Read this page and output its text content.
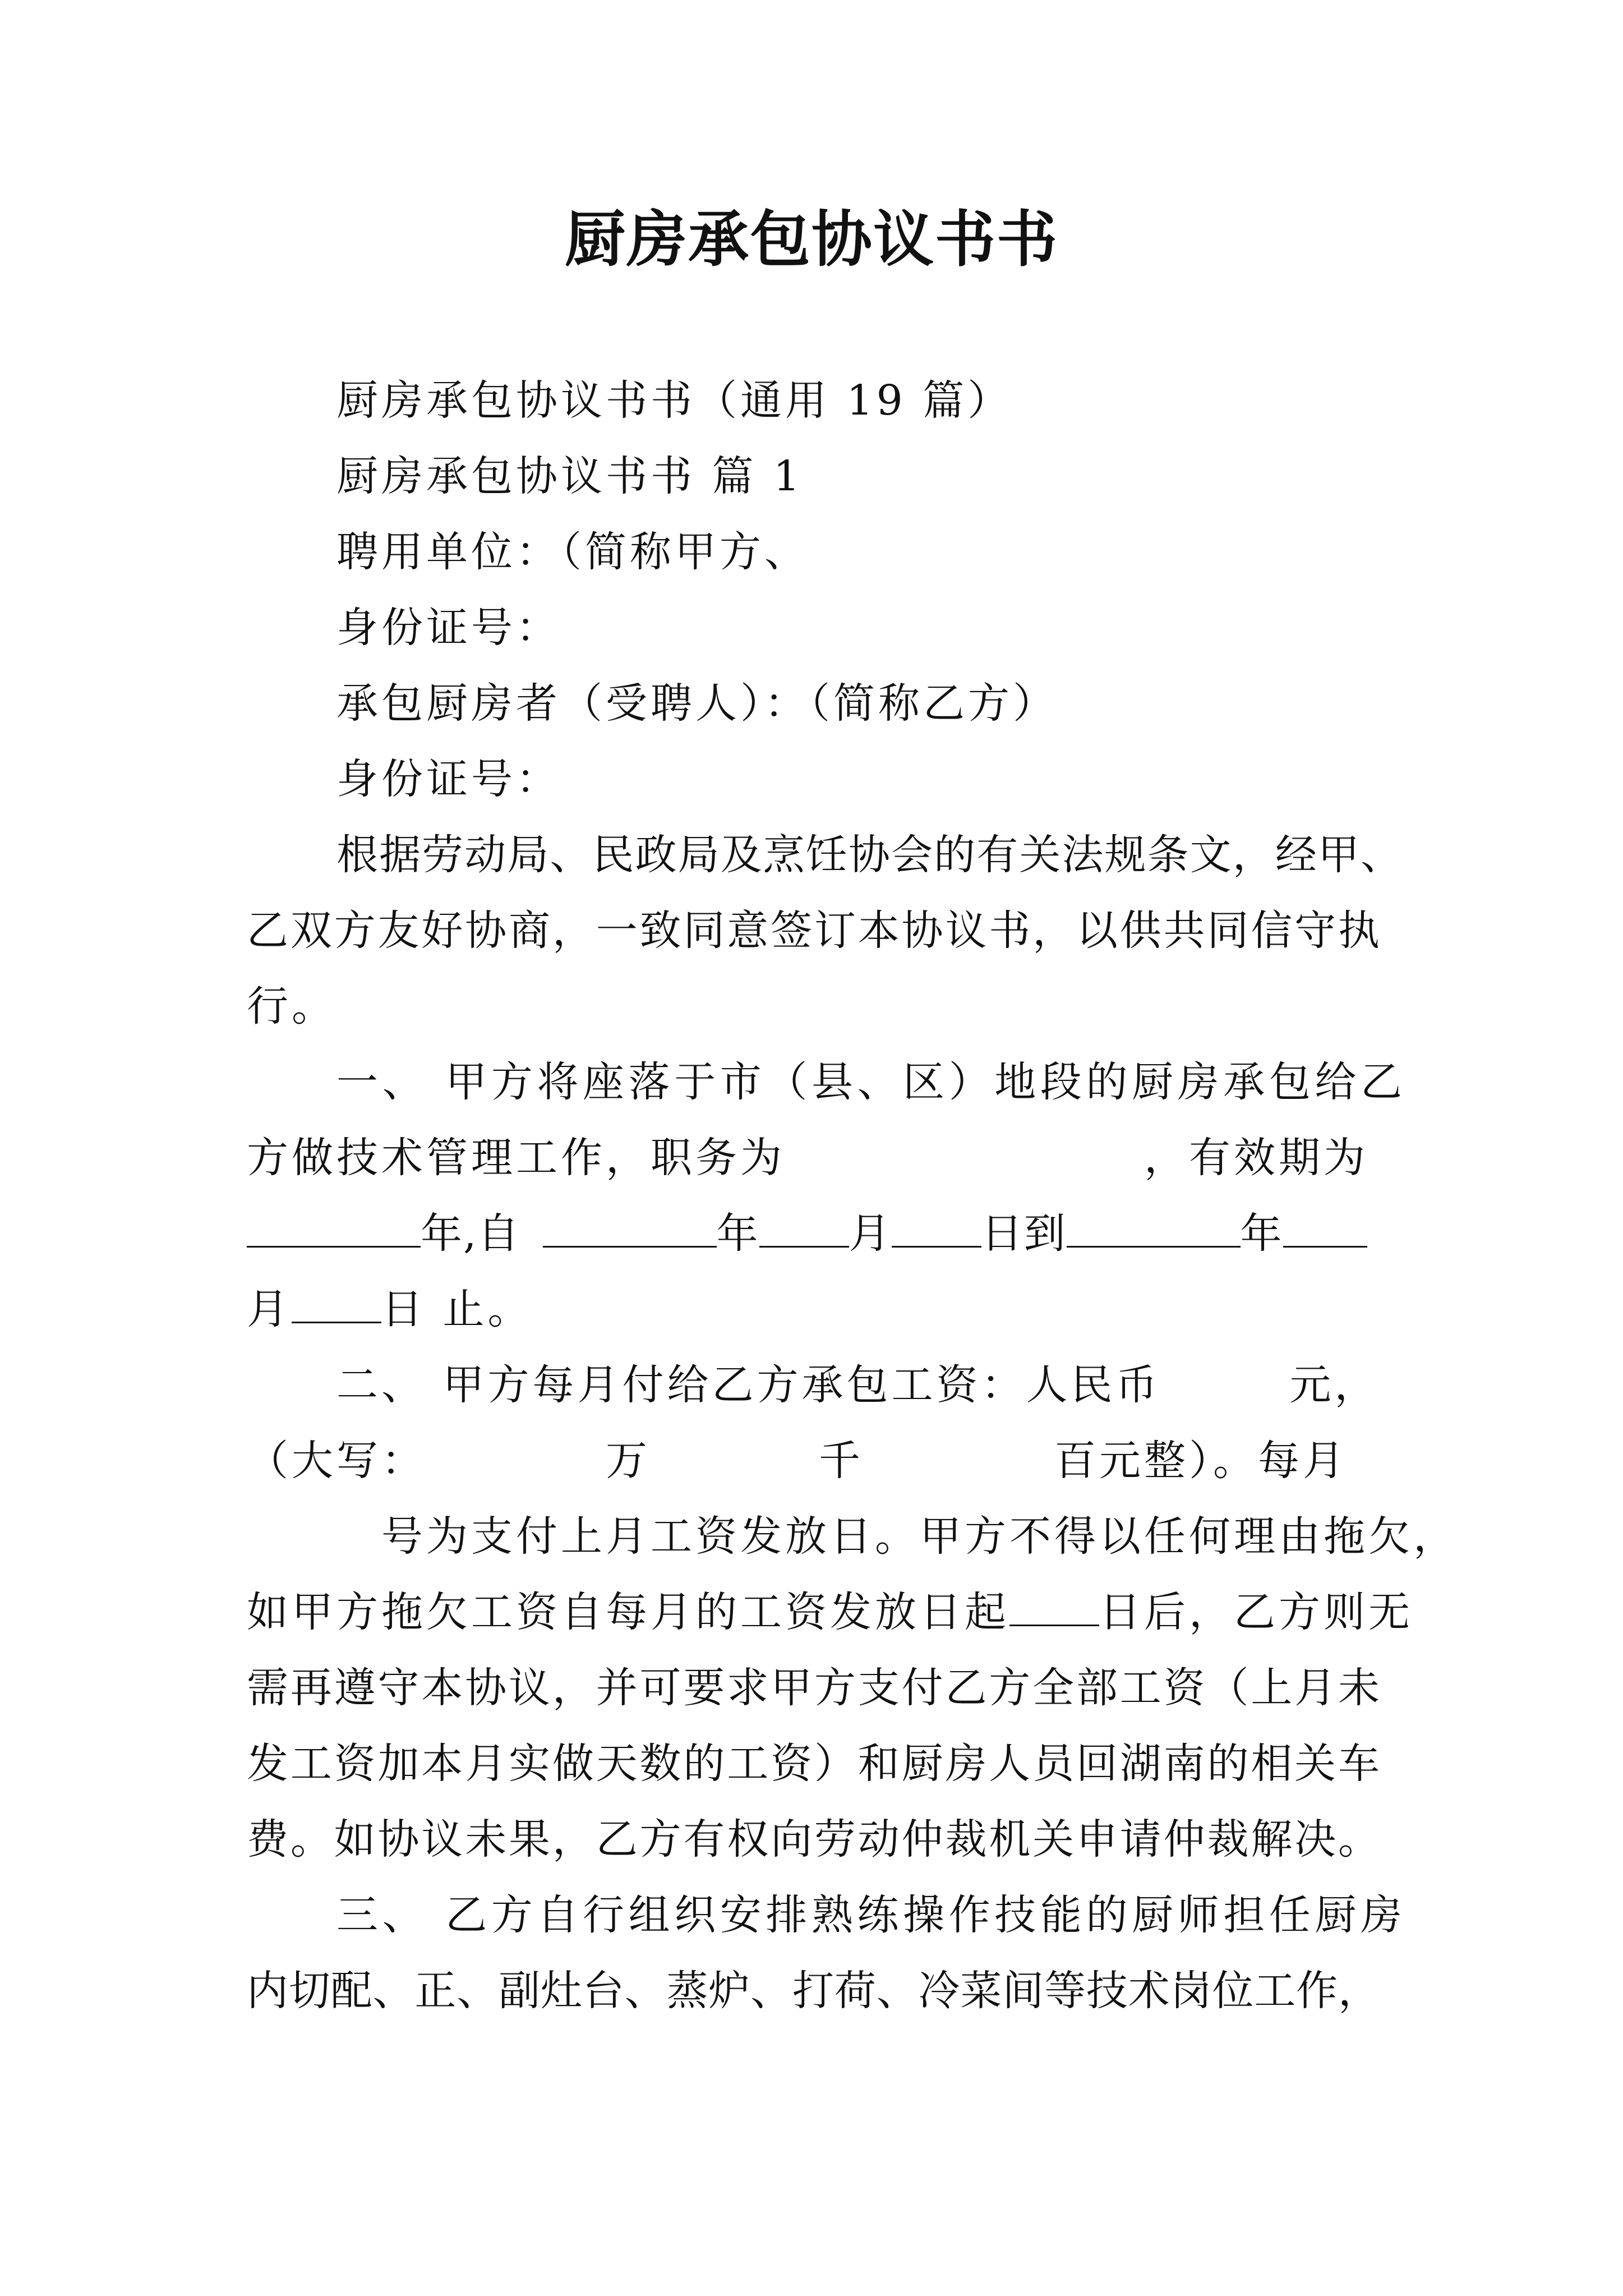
厨房承包协议书书
厨房承包协议书书（通用 19 篇）
厨房承包协议书书 篇 1
聘用单位：（简称甲方、
身份证号：
承包厨房者（受聘人）：（简称乙方）
身份证号：
根据劳动局、民政局及烹饪协会的有关法规条文，经甲、
乙双方友好协商，一致同意签订本协议书，以供共同信守执
行。
一、 甲方将座落于市（县、区）地段的厨房承包给乙
方做技术管理工作，职务为	，有效期为
年,自	年 月 日到	年
月 日 止。
二、 甲方每月付给乙方承包工资：人民币	元，
（大写：	万	千	百元整）。每月
号为支付上月工资发放日。甲方不得以任何理由拖欠，
如甲方拖欠工资自每月的工资发放日起 日后，乙方则无
需再遵守本协议，并可要求甲方支付乙方全部工资（上月未
发工资加本月实做天数的工资）和厨房人员回湖南的相关车
费。如协议未果，乙方有权向劳动仲裁机关申请仲裁解决。
三、 乙方自行组织安排熟练操作技能的厨师担任厨房
内切配、正、副灶台、蒸炉、打荷、冷菜间等技术岗位工作，
